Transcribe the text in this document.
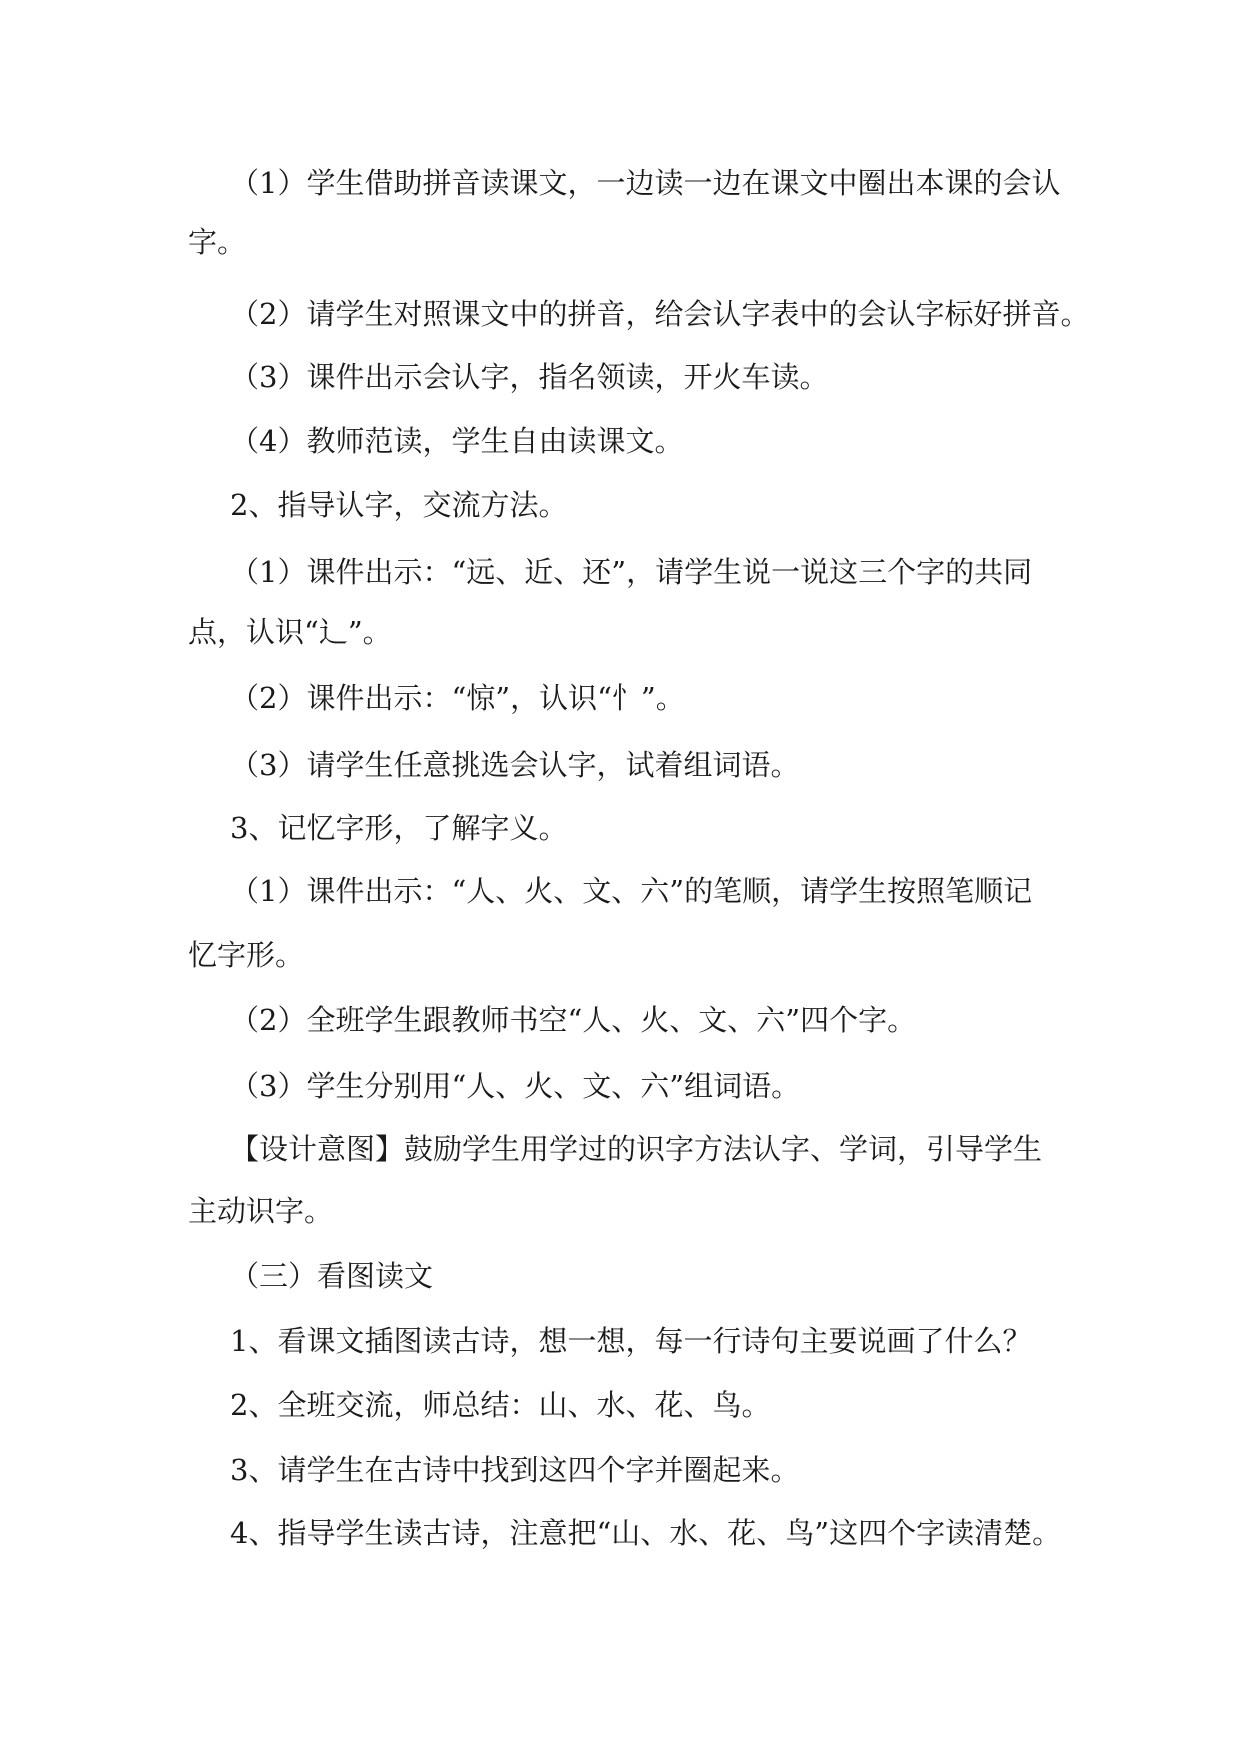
（1）学生借助拼音读课文，一边读一边在课文中圈出本课的会认
字。
（2）请学生对照课文中的拼音，给会认字表中的会认字标好拼音。
（3）课件出示会认字，指名领读，开火车读。
（4）教师范读，学生自由读课文。
2、指导认字，交流方法。
（1）课件出示：“远、近、还”，请学生说一说这三个字的共同
点，认识“⻌”。
（2）课件出示：“惊”，认识“忄”。
（3）请学生任意挑选会认字，试着组词语。
3、记忆字形，了解字义。
（1）课件出示：“人、火、文、六”的笔顺，请学生按照笔顺记
忆字形。
（2）全班学生跟教师书空“人、火、文、六”四个字。
（3）学生分别用“人、火、文、六”组词语。
【设计意图】鼓励学生用学过的识字方法认字、学词，引导学生
主动识字。
（三）看图读文
1、看课文插图读古诗，想一想，每一行诗句主要说画了什么？
2、全班交流，师总结：山、水、花、鸟。
3、请学生在古诗中找到这四个字并圈起来。
4、指导学生读古诗，注意把“山、水、花、鸟”这四个字读清楚。
